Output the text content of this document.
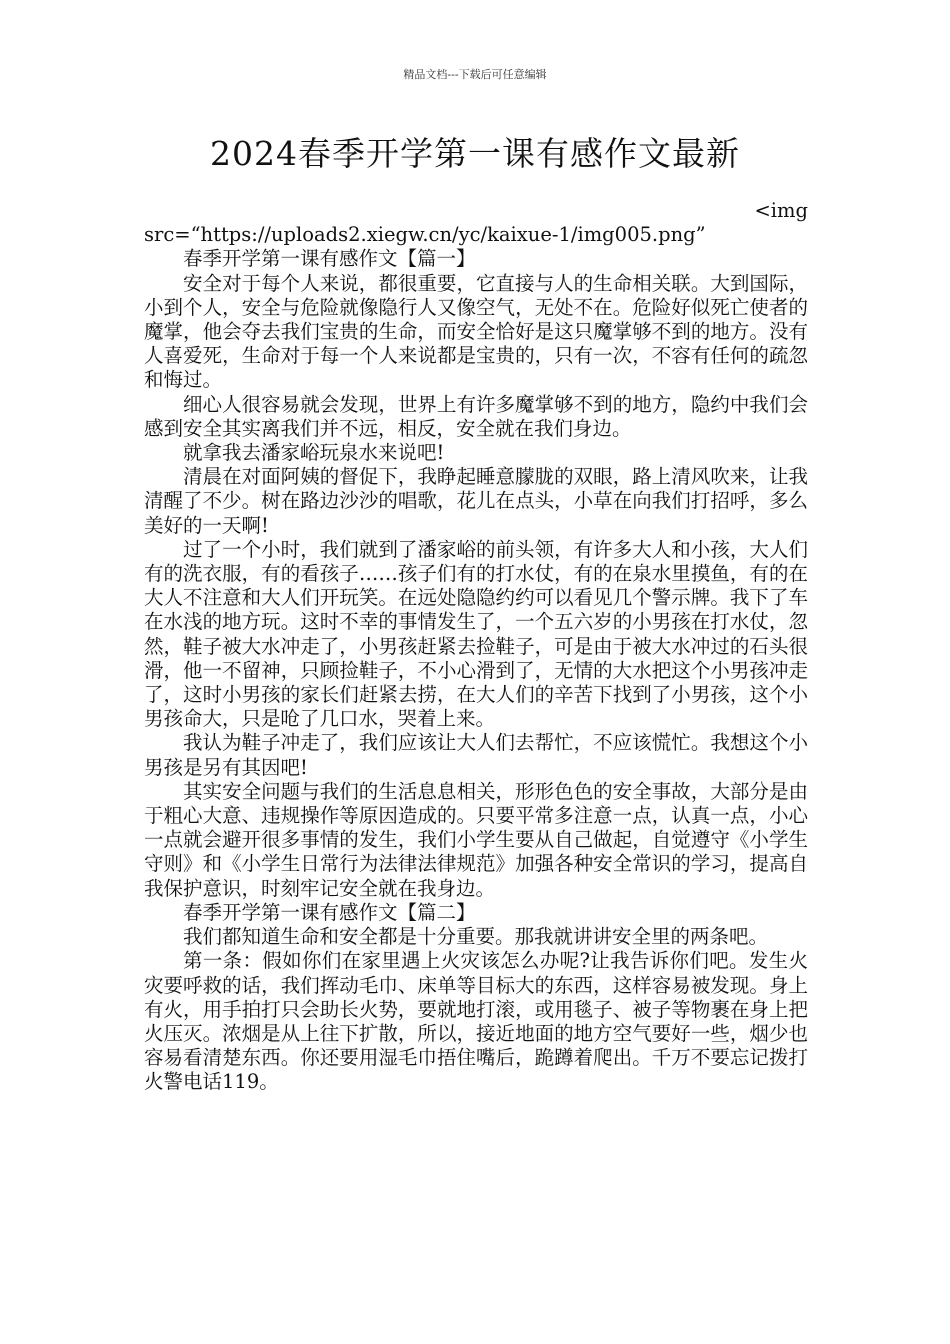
精品文档---下载后可任意编辑
2024春季开学第一课有感作文最新
<img
src=“https://uploads2.xiegw.cn/yc/kaixue-1/img005.png”

春季开学第一课有感作文【篇一】

安全对于每个人来说，都很重要，它直接与人的生命相关联。大到国际，小到个人，安全与危险就像隐行人又像空气，无处不在。危险好似死亡使者的魔掌，他会夺去我们宝贵的生命，而安全恰好是这只魔掌够不到的地方。没有人喜爱死，生命对于每一个人来说都是宝贵的，只有一次，不容有任何的疏忽和悔过。

细心人很容易就会发现，世界上有许多魔掌够不到的地方，隐约中我们会感到安全其实离我们并不远，相反，安全就在我们身边。

就拿我去潘家峪玩泉水来说吧!

清晨在对面阿姨的督促下，我睁起睡意朦胧的双眼，路上清风吹来，让我清醒了不少。树在路边沙沙的唱歌，花儿在点头，小草在向我们打招呼，多么美好的一天啊!

过了一个小时，我们就到了潘家峪的前头领，有许多大人和小孩，大人们有的洗衣服，有的看孩子……孩子们有的打水仗，有的在泉水里摸鱼，有的在大人不注意和大人们开玩笑。在远处隐隐约约可以看见几个警示牌。我下了车在水浅的地方玩。这时不幸的事情发生了，一个五六岁的小男孩在打水仗，忽然，鞋子被大水冲走了，小男孩赶紧去捡鞋子，可是由于被大水冲过的石头很滑，他一不留神，只顾捡鞋子，不小心滑到了，无情的大水把这个小男孩冲走了，这时小男孩的家长们赶紧去捞，在大人们的辛苦下找到了小男孩，这个小男孩命大，只是呛了几口水，哭着上来。

我认为鞋子冲走了，我们应该让大人们去帮忙，不应该慌忙。我想这个小男孩是另有其因吧!

其实安全问题与我们的生活息息相关，形形色色的安全事故，大部分是由于粗心大意、违规操作等原因造成的。只要平常多注意一点，认真一点，小心一点就会避开很多事情的发生，我们小学生要从自己做起，自觉遵守《小学生守则》和《小学生日常行为法律法律规范》加强各种安全常识的学习，提高自我保护意识，时刻牢记安全就在我身边。

春季开学第一课有感作文【篇二】

我们都知道生命和安全都是十分重要。那我就讲讲安全里的两条吧。

第一条：假如你们在家里遇上火灾该怎么办呢?让我告诉你们吧。发生火灾要呼救的话，我们挥动毛巾、床单等目标大的东西，这样容易被发现。身上有火，用手拍打只会助长火势，要就地打滚，或用毯子、被子等物裹在身上把火压灭。浓烟是从上往下扩散，所以，接近地面的地方空气要好一些，烟少也容易看清楚东西。你还要用湿毛巾捂住嘴后，跪蹲着爬出。千万不要忘记拨打火警电话119。
